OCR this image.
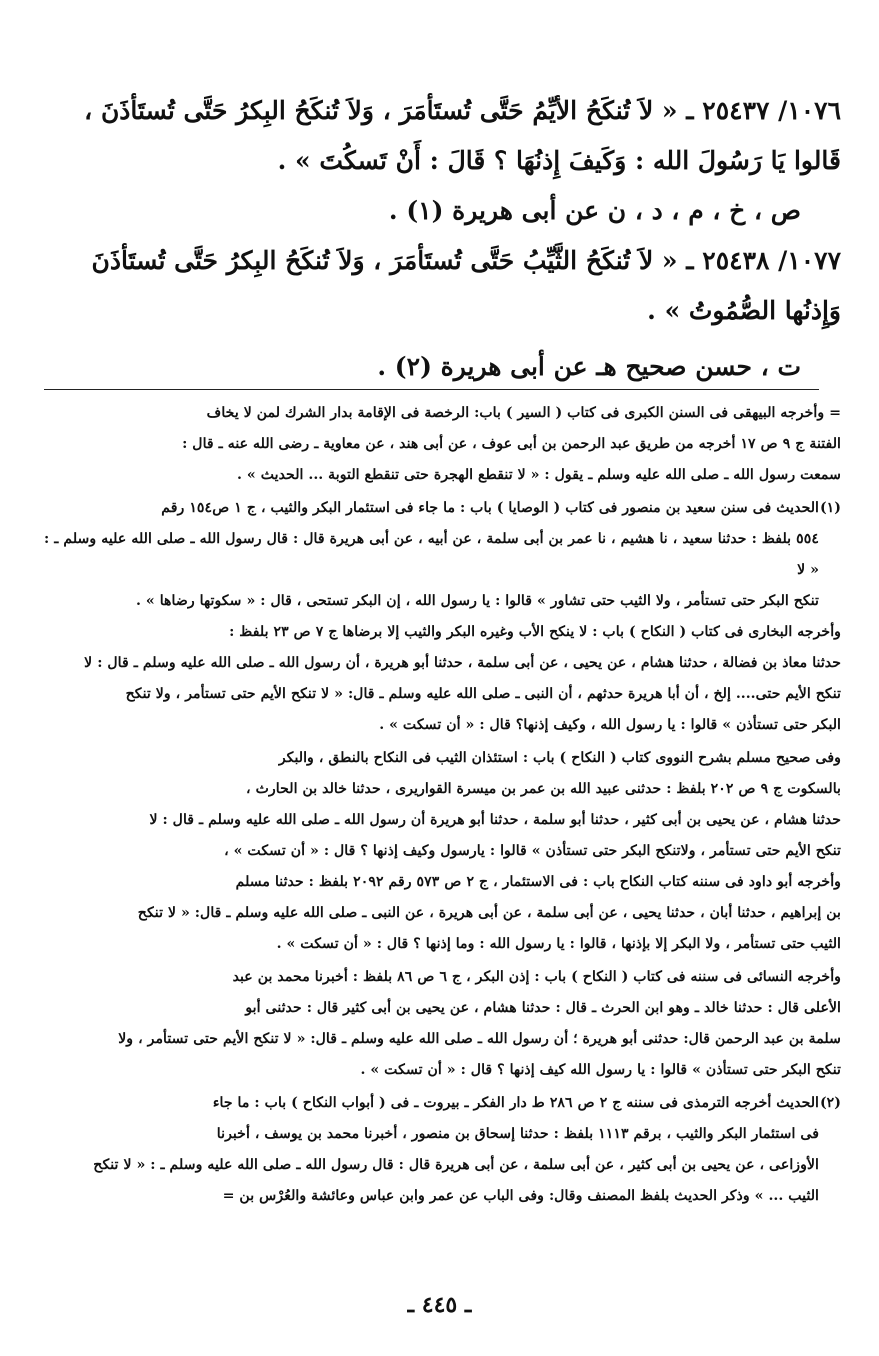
١٠٧٦/ ٢٥٤٣٧ ـ « لاَ تُنكَحُ الأيِّمُ حَتَّى تُستَأمَرَ ، وَلاَ تُنكَحُ البِكرُ حَتَّى تُستَأذَنَ ،
قَالوا يَا رَسُولَ الله : وَكَيفَ إِذنُهَا ؟ قَالَ : أَنْ تَسكُتَ » .
ص ، خ ، م ، د ، ن عن أبى هريرة (١) .
١٠٧٧/ ٢٥٤٣٨ ـ « لاَ تُنكَحُ الثَّيِّبُ حَتَّى تُستَأمَرَ ، وَلاَ تُنكَحُ البِكرُ حَتَّى تُستَأذَنَ
وَإِذنُها الصُّمُوتُ » .
ت ، حسن صحيح هـ عن أبى هريرة (٢) .

= وأخرجه البيهقى فى السنن الكبرى فى كتاب ( السير ) باب: الرخصة فى الإقامة بدار الشرك لمن لا يخاف

الفتنة ج ٩ ص ١٧ أخرجه من طريق عبد الرحمن بن أبى عوف ، عن أبى هند ، عن معاوية ـ رضى الله عنه ـ قال :

سمعت رسول الله ـ صلى الله عليه وسلم ـ يقول : « لا تنقطع الهجرة حتى تنقطع التوبة ... الحديث » .

(١)الحديث فى سنن سعيد بن منصور فى كتاب ( الوصايا ) باب : ما جاء فى استئمار البكر والثيب ، ج ١ ص١٥٤ رقم

٥٥٤ بلفظ : حدثنا سعيد ، نا هشيم ، نا عمر بن أبى سلمة ، عن أبيه ، عن أبى هريرة قال : قال رسول الله ـ صلى الله عليه وسلم ـ : « لا

تنكح البكر حتى تستأمر ، ولا الثيب حتى تشاور » قالوا : يا رسول الله ، إن البكر تستحى ، قال : « سكوتها رضاها » .

وأخرجه البخارى فى كتاب ( النكاح ) باب : لا ينكح الأب وغيره البكر والثيب إلا برضاها ج ٧ ص ٢٣ بلفظ :

حدثنا معاذ بن فضالة ، حدثنا هشام ، عن يحيى ، عن أبى سلمة ، حدثنا أبو هريرة ، أن رسول الله ـ صلى الله عليه وسلم ـ قال : لا

تنكح الأيم حتى.... إلخ ، أن أبا هريرة حدثهم ، أن النبى ـ صلى الله عليه وسلم ـ قال: « لا تنكح الأيم حتى تستأمر ، ولا تنكح

البكر حتى تستأذن » قالوا : يا رسول الله ، وكيف إذنها؟ قال : « أن تسكت » .

وفى صحيح مسلم بشرح النووى كتاب ( النكاح ) باب : استئذان الثيب فى النكاح بالنطق ، والبكر

بالسكوت ج ٩ ص ٢٠٢ بلفظ : حدثنى عبيد الله بن عمر بن ميسرة القواريرى ، حدثنا خالد بن الحارث ،

حدثنا هشام ، عن يحيى بن أبى كثير ، حدثنا أبو سلمة ، حدثنا أبو هريرة أن رسول الله ـ صلى الله عليه وسلم ـ قال : لا

تنكح الأيم حتى تستأمر ، ولاتنكح البكر حتى تستأذن » قالوا : يارسول وكيف إذنها ؟ قال : « أن تسكت » ،

وأخرجه أبو داود فى سننه كتاب النكاح باب : فى الاستئمار ، ج ٢ ص ٥٧٣ رقم ٢٠٩٢ بلفظ : حدثنا مسلم

بن إبراهيم ، حدثنا أبان ، حدثنا يحيى ، عن أبى سلمة ، عن أبى هريرة ، عن النبى ـ صلى الله عليه وسلم ـ قال: « لا تنكح

الثيب حتى تستأمر ، ولا البكر إلا بإذنها ، قالوا : يا رسول الله : وما إذنها ؟ قال : « أن تسكت » .

وأخرجه النسائى فى سننه فى كتاب ( النكاح ) باب : إذن البكر ، ج ٦ ص ٨٦ بلفظ : أخبرنا محمد بن عبد

الأعلى قال : حدثنا خالد ـ وهو ابن الحرث ـ قال : حدثنا هشام ، عن يحيى بن أبى كثير قال : حدثنى أبو

سلمة بن عبد الرحمن قال: حدثنى أبو هريرة ؛ أن رسول الله ـ صلى الله عليه وسلم ـ قال: « لا تنكح الأيم حتى تستأمر ، ولا

تنكح البكر حتى تستأذن » قالوا : يا رسول الله كيف إذنها ؟ قال : « أن تسكت » .

(٢)الحديث أخرجه الترمذى فى سننه ج ٢ ص ٢٨٦ ط دار الفكر ـ بيروت ـ فى ( أبواب النكاح ) باب : ما جاء

فى استئمار البكر والثيب ، برقم ١١١٣ بلفظ : حدثنا إسحاق بن منصور ، أخبرنا محمد بن يوسف ، أخبرنا

الأوزاعى ، عن يحيى بن أبى كثير ، عن أبى سلمة ، عن أبى هريرة قال : قال رسول الله ـ صلى الله عليه وسلم ـ : « لا تنكح

الثيب ... » وذكر الحديث بلفظ المصنف وقال: وفى الباب عن عمر وابن عباس وعائشة والعُرْس بن =

ـ ٤٤٥ ـ
